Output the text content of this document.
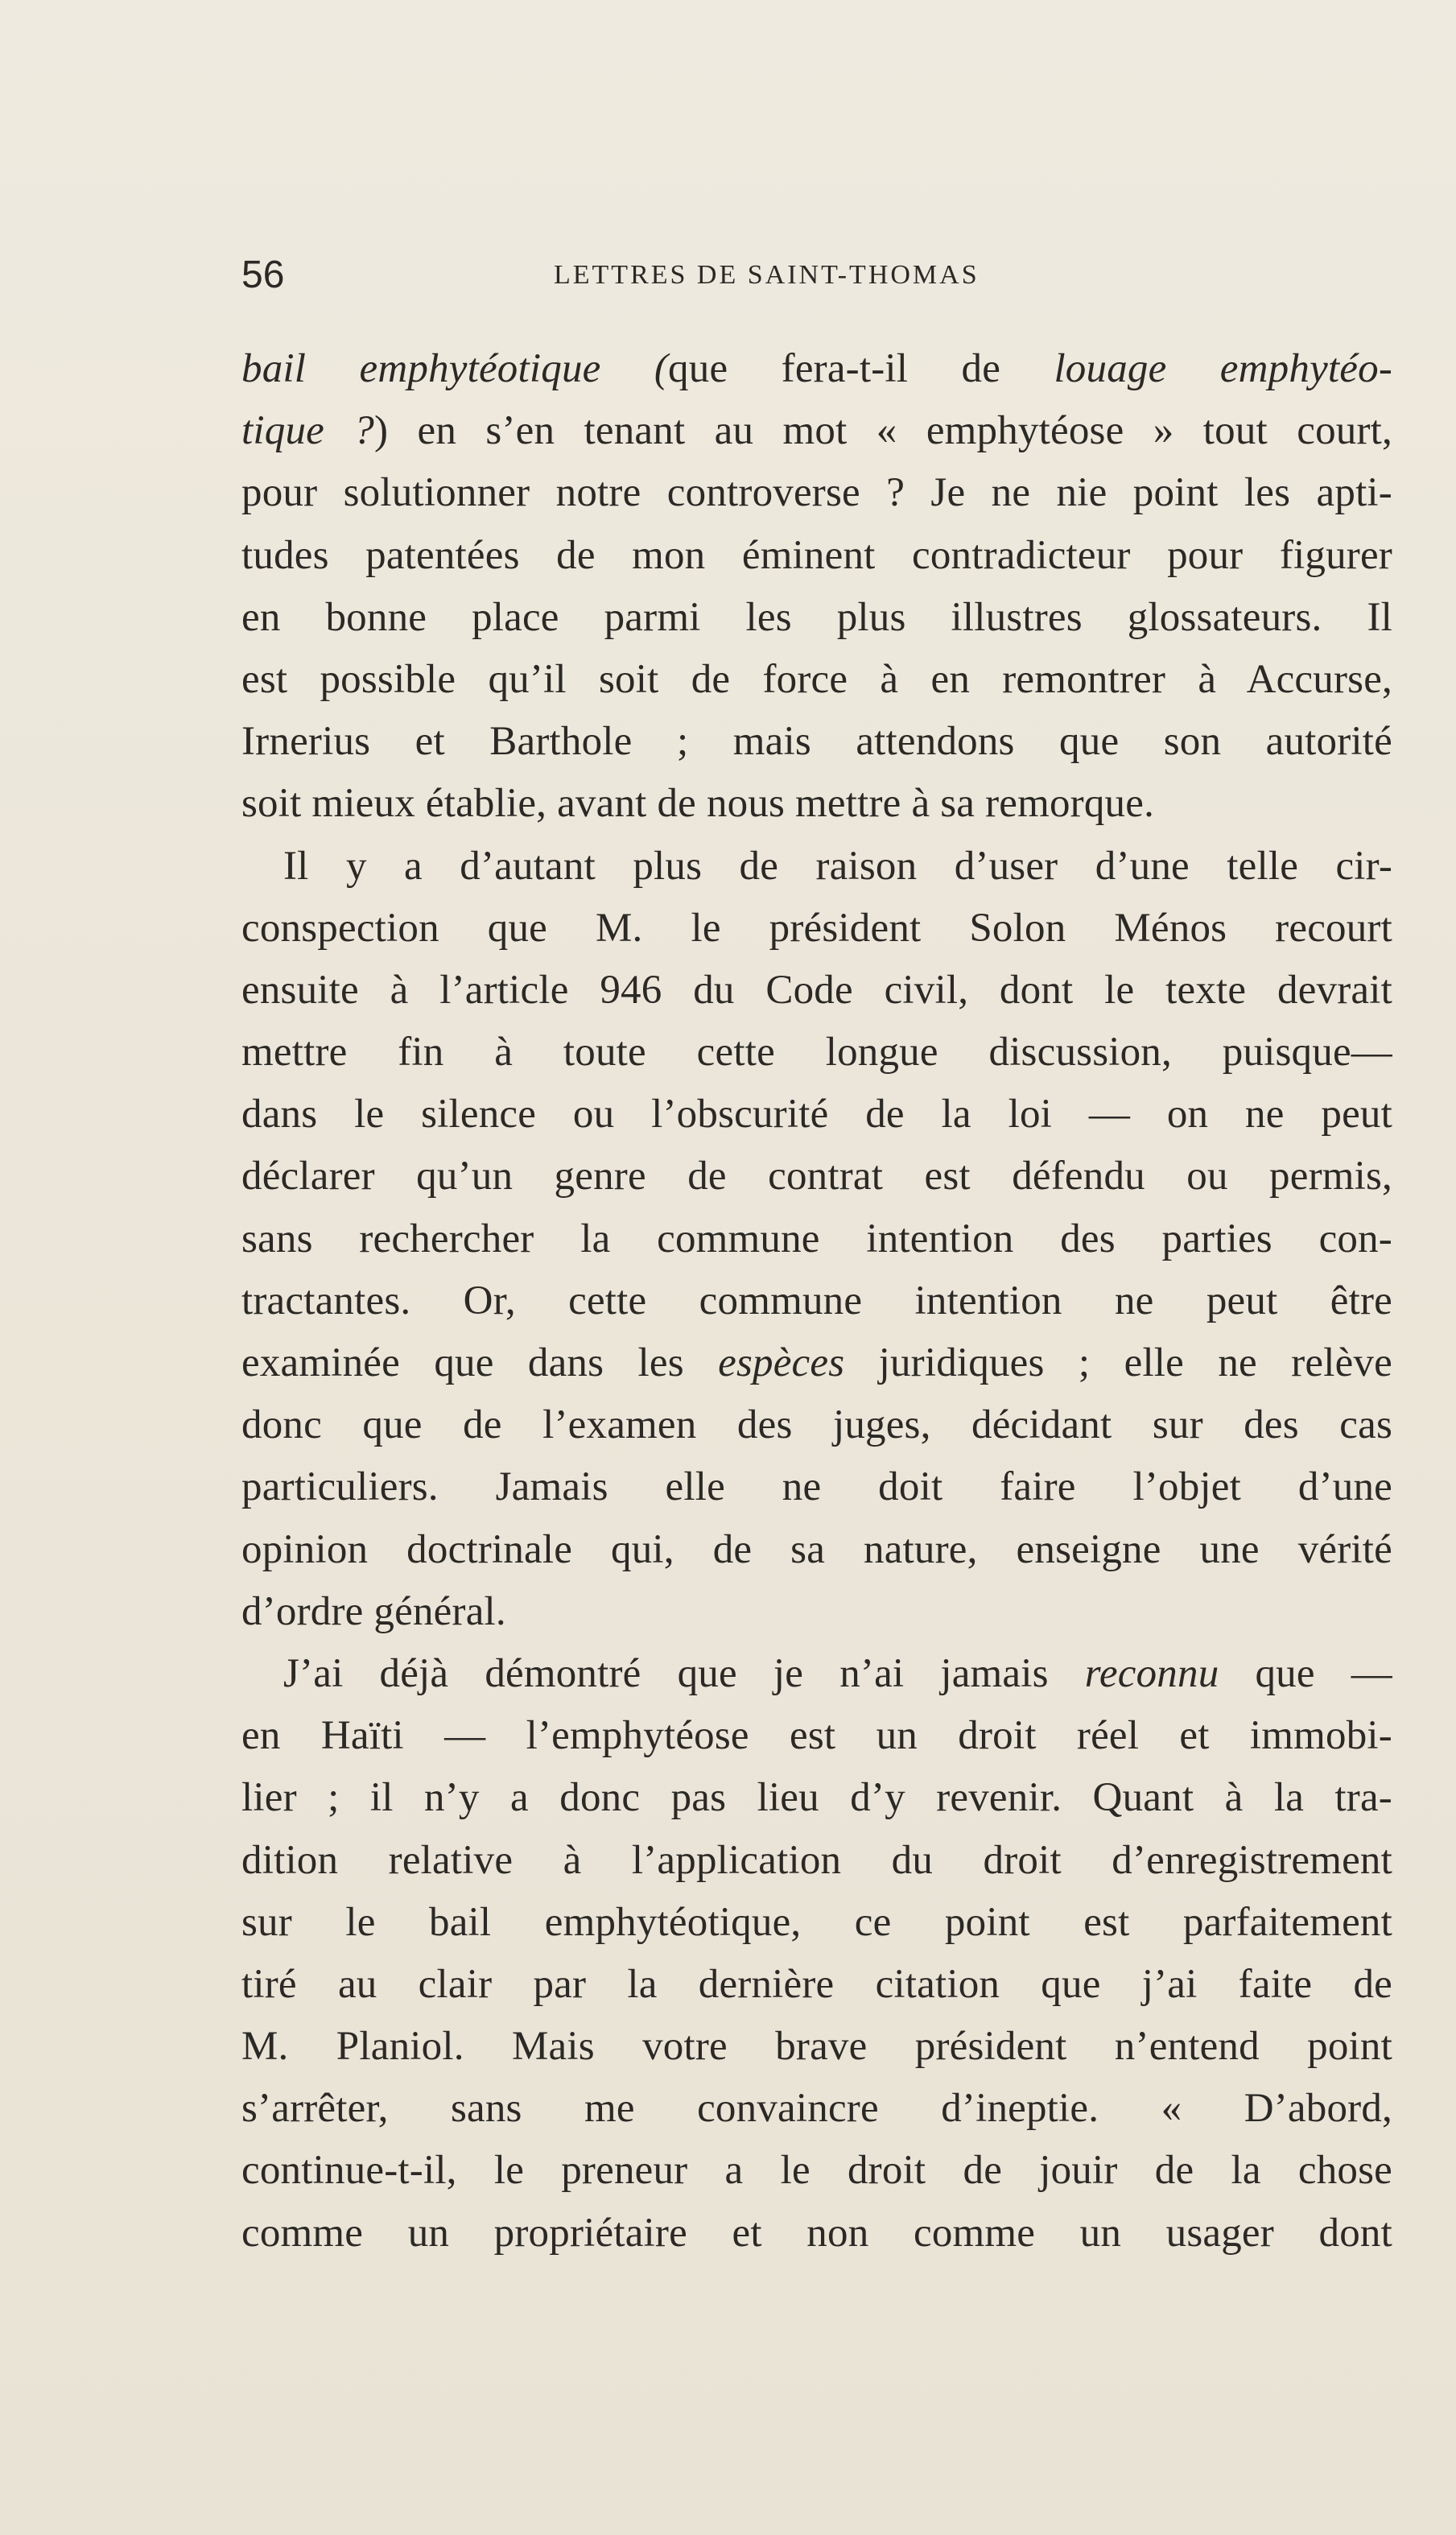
56	LETTRES DE SAINT-THOMAS
bail emphytéotique (que fera-t-il de louage emphytéo-
tique ?) en s’en tenant au mot « emphytéose » tout court,
pour solutionner notre controverse ? Je ne nie point les apti-
tudes patentées de mon éminent contradicteur pour figurer
en bonne place parmi les plus illustres glossateurs. Il
est possible qu’il soit de force à en remontrer à Accurse,
Irnerius et Barthole ; mais attendons que son autorité
soit mieux établie, avant de nous mettre à sa remorque.
Il y a d’autant plus de raison d’user d’une telle cir-
conspection que M. le président Solon Ménos recourt
ensuite à l’article 946 du Code civil, dont le texte devrait
mettre fin à toute cette longue discussion, puisque—
dans le silence ou l’obscurité de la loi — on ne peut
déclarer qu’un genre de contrat est défendu ou permis,
sans rechercher la commune intention des parties con-
tractantes. Or, cette commune intention ne peut être
examinée que dans les espèces juridiques ; elle ne relève
donc que de l’examen des juges, décidant sur des cas
particuliers. Jamais elle ne doit faire l’objet d’une
opinion doctrinale qui, de sa nature, enseigne une vérité
d’ordre général.
J’ai déjà démontré que je n’ai jamais reconnu que —
en Haïti — l’emphytéose est un droit réel et immobi-
lier ; il n’y a donc pas lieu d’y revenir. Quant à la tra-
dition relative à l’application du droit d’enregistrement
sur le bail emphytéotique, ce point est parfaitement
tiré au clair par la dernière citation que j’ai faite de
M. Planiol. Mais votre brave président n’entend point
s’arrêter, sans me convaincre d’ineptie. « D’abord,
continue-t-il, le preneur a le droit de jouir de la chose
comme un propriétaire et non comme un usager dont
